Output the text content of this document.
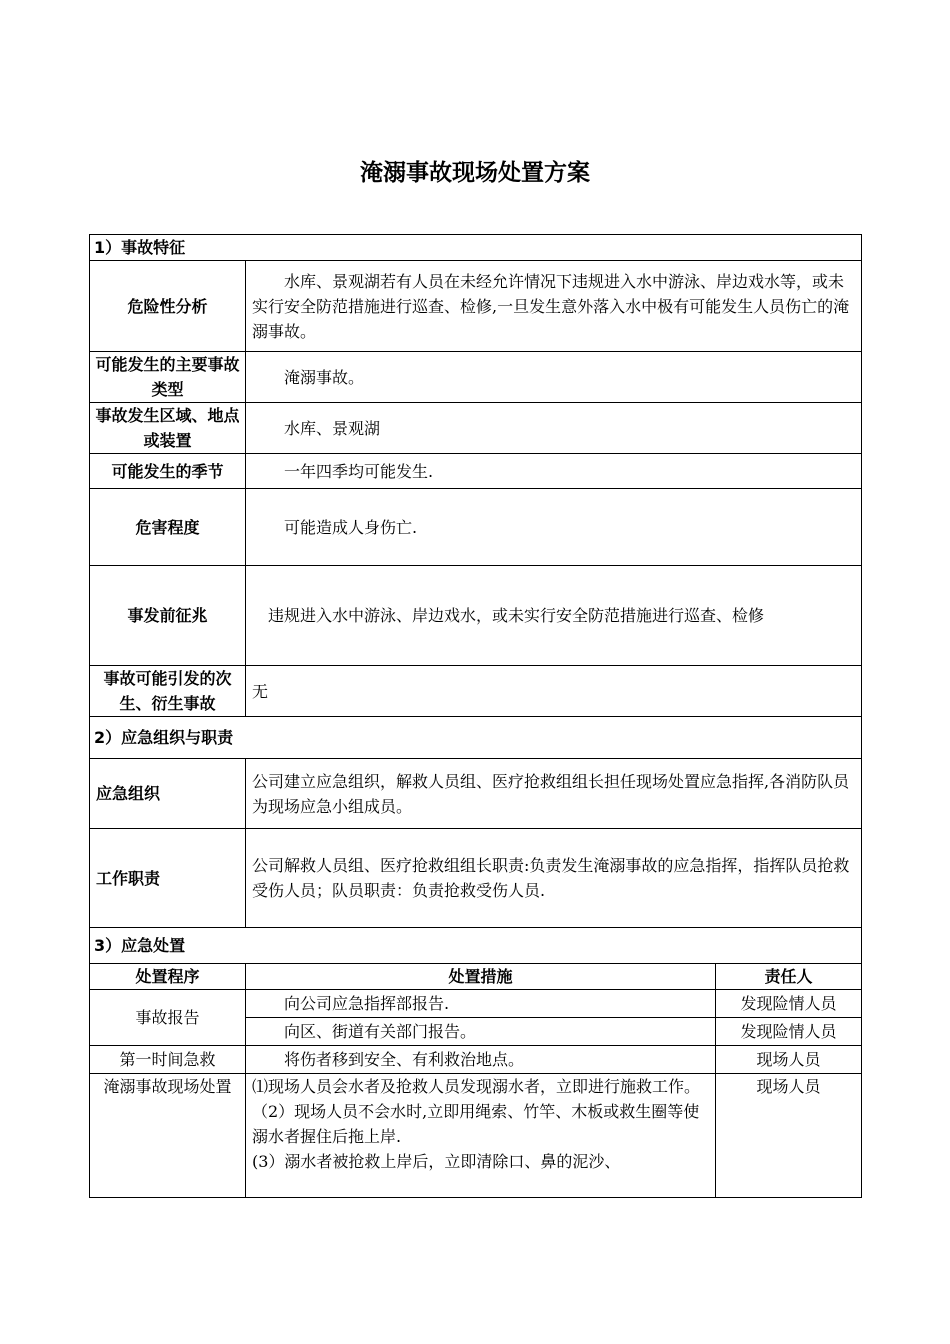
淹溺事故现场处置方案
1）事故特征		
危险性分析	水库、景观湖若有人员在未经允许情况下违规进入水中游泳、岸边戏水等，或未实行安全防范措施进行巡查、检修,一旦发生意外落入水中极有可能发生人员伤亡的淹溺事故。	
可能发生的主要事故类型	淹溺事故。	
事故发生区域、地点或装置	水库、景观湖	
可能发生的季节	一年四季均可能发生.	
危害程度	可能造成人身伤亡.	
事发前征兆	违规进入水中游泳、岸边戏水，或未实行安全防范措施进行巡查、检修	
事故可能引发的次生、衍生事故	无	
2）应急组织与职责		
应急组织	公司建立应急组织，解救人员组、医疗抢救组组长担任现场处置应急指挥,各消防队员为现场应急小组成员。	
工作职责	公司解救人员组、医疗抢救组组长职责:负责发生淹溺事故的应急指挥，指挥队员抢救受伤人员；队员职责：负责抢救受伤人员.	
3）应急处置		
处置程序	处置措施	责任人
事故报告	向公司应急指挥部报告.	发现险情人员
	向区、街道有关部门报告。	发现险情人员
第一时间急救	将伤者移到安全、有利救治地点。	现场人员
淹溺事故现场处置	⑴现场人员会水者及抢救人员发现溺水者，立即进行施救工作。
（2）现场人员不会水时,立即用绳索、竹竿、木板或救生圈等使溺水者握住后拖上岸.
(3）溺水者被抢救上岸后，立即清除口、鼻的泥沙、	现场人员
